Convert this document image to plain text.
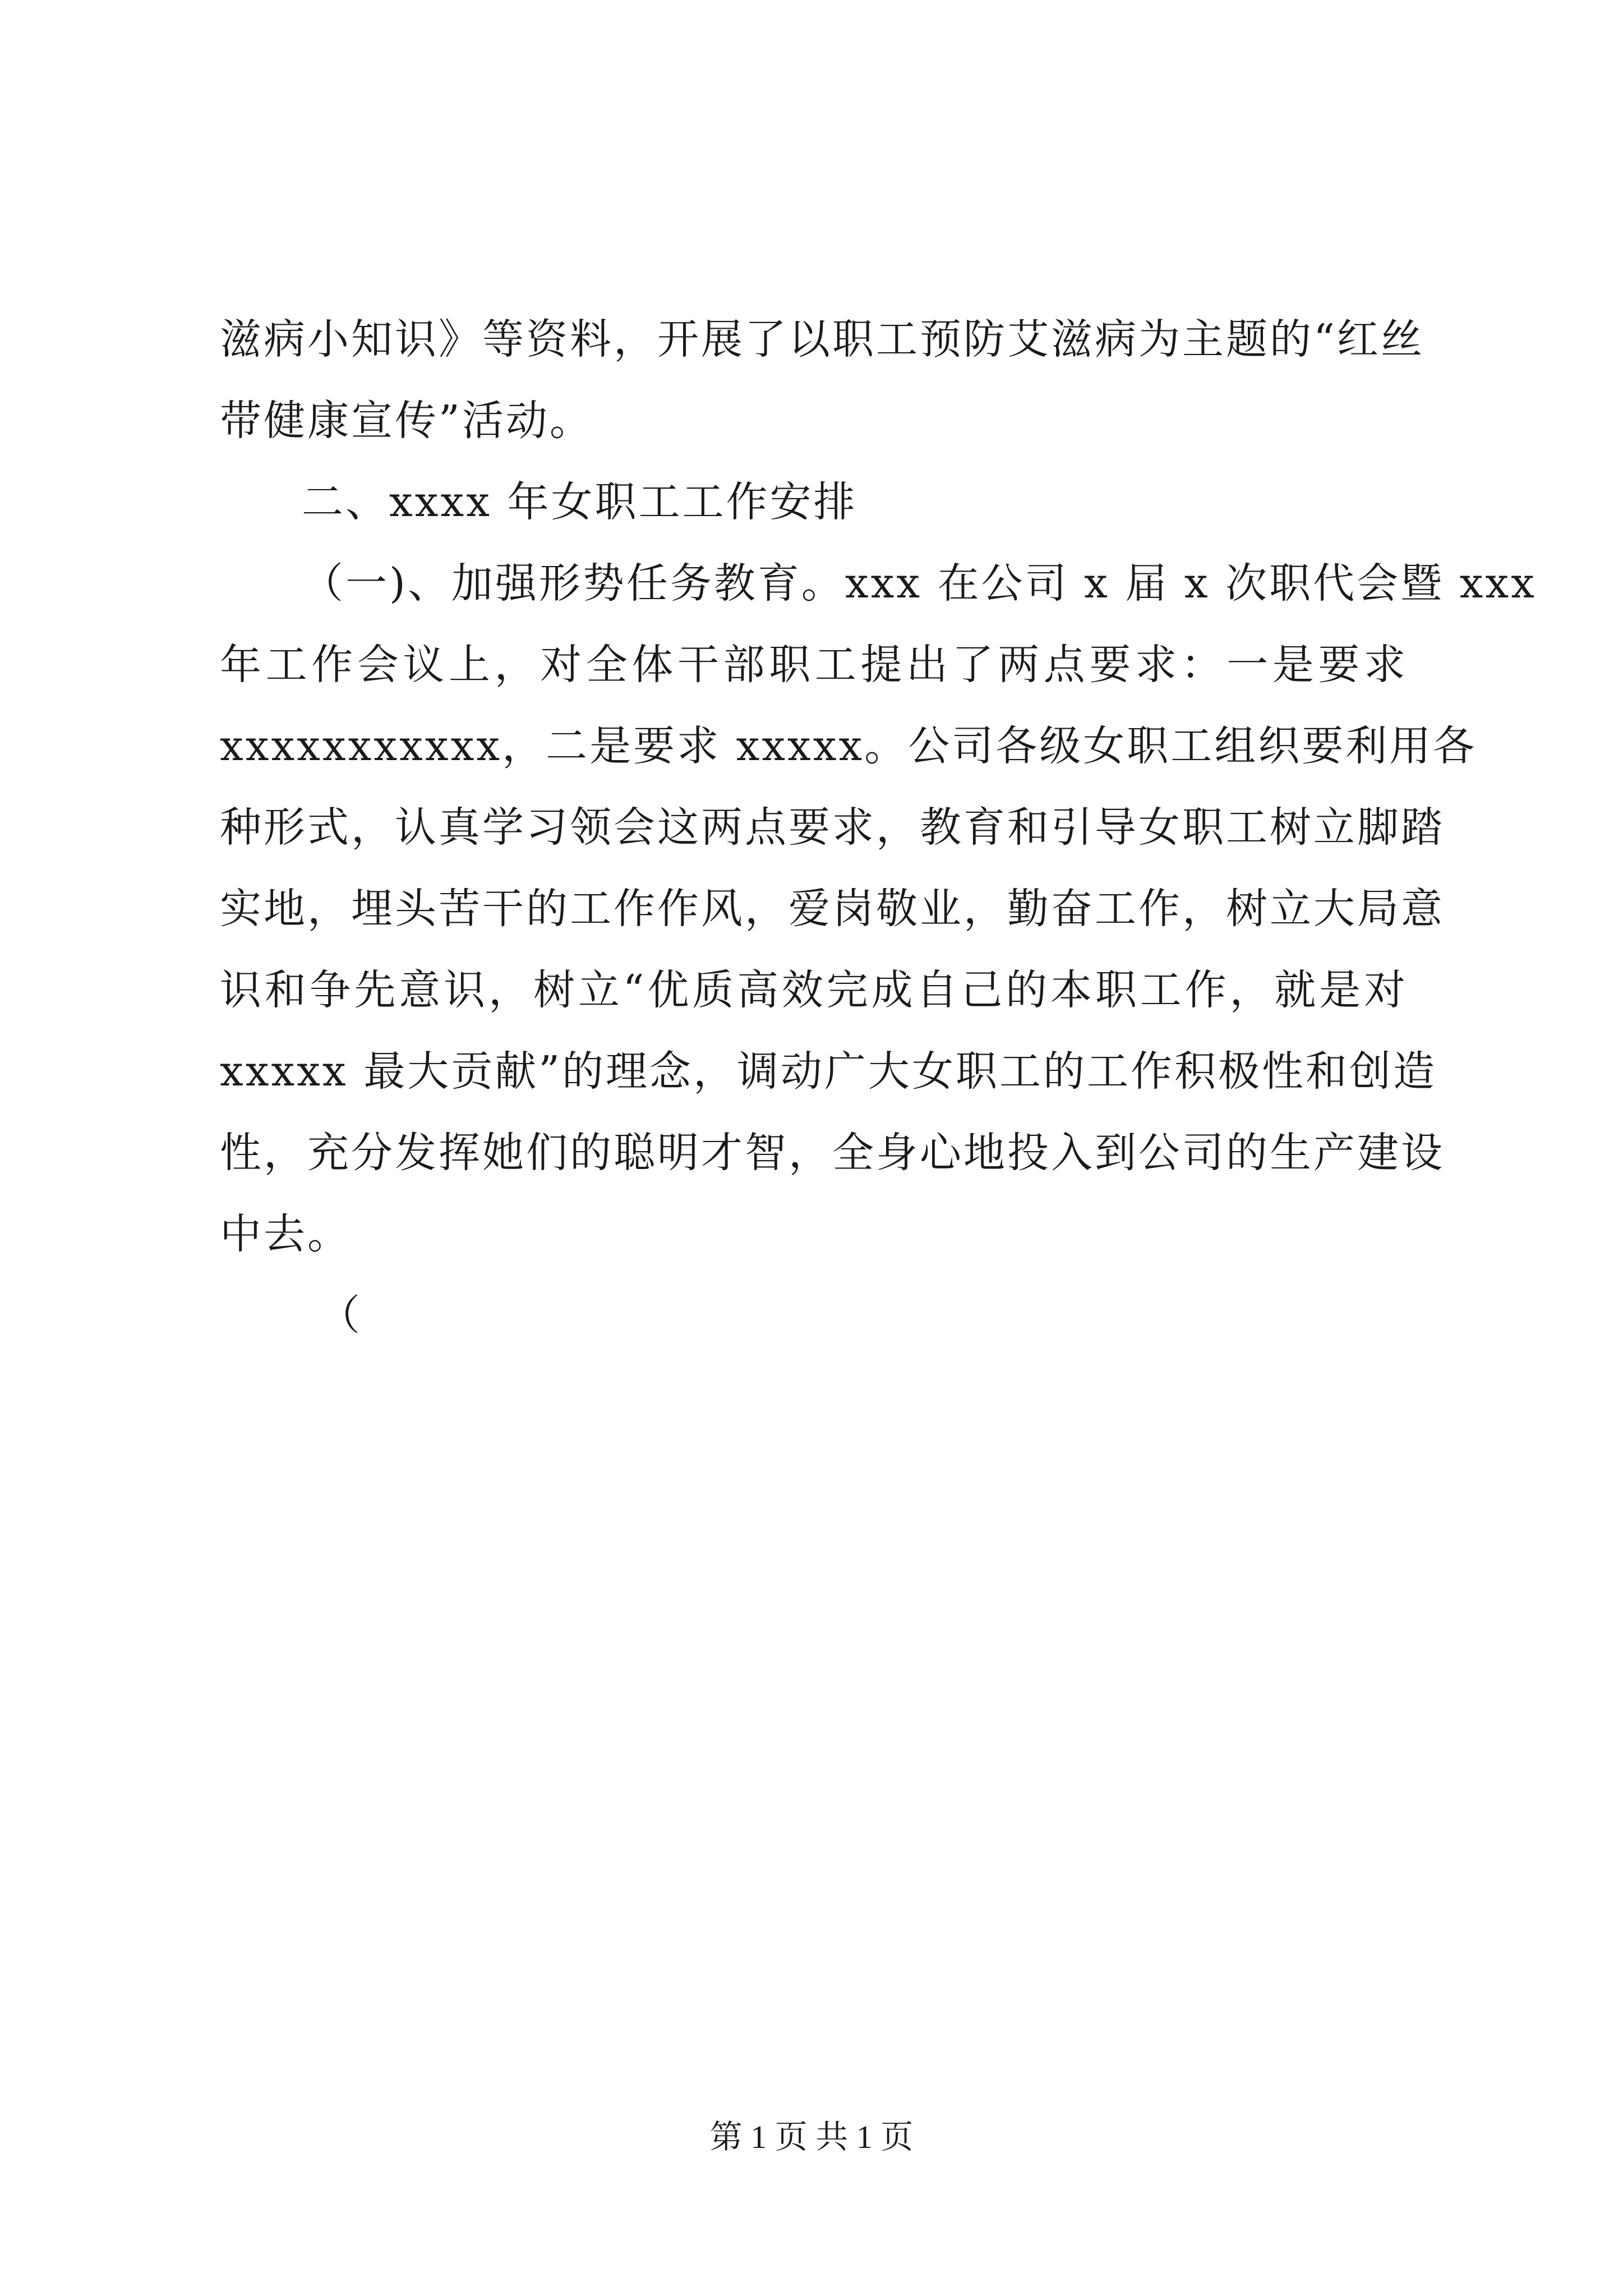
滋病小知识》等资料，开展了以职工预防艾滋病为主题的“红丝
带健康宣传”活动。
二、xxxx 年女职工工作安排
（一)、加强形势任务教育。xxx 在公司 x 届 x 次职代会暨 xxx
年工作会议上，对全体干部职工提出了两点要求：一是要求
xxxxxxxxxxx，二是要求 xxxxx。公司各级女职工组织要利用各
种形式，认真学习领会这两点要求，教育和引导女职工树立脚踏
实地，埋头苦干的工作作风，爱岗敬业，勤奋工作，树立大局意
识和争先意识，树立“优质高效完成自己的本职工作，就是对
xxxxx 最大贡献”的理念，调动广大女职工的工作积极性和创造
性，充分发挥她们的聪明才智，全身心地投入到公司的生产建设
中去。
（
第 1 页 共 1 页
